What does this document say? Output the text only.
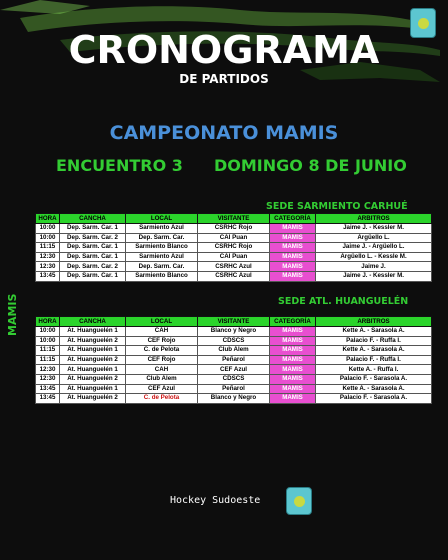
CRONOGRAMA
DE PARTIDOS
CAMPEONATO MAMIS
ENCUENTRO 3 DOMINGO 8 DE JUNIO
MAMIS
SEDE SARMIENTO CARHUÉ
HORA	CANCHA	LOCAL	VISITANTE	CATEGORÍA	ARBITROS
10:00	Dep. Sarm. Car. 1	Sarmiento Azul	CSRHC Rojo	MAMIS	Jaime J. - Kessler M.
10:00	Dep. Sarm. Car. 2	Dep. Sarm. Car.	CAI Puan	MAMIS	Argüello L.
11:15	Dep. Sarm. Car. 1	Sarmiento Blanco	CSRHC Rojo	MAMIS	Jaime J. - Argüello L.
12:30	Dep. Sarm. Car. 1	Sarmiento Azul	CAI Puan	MAMIS	Argüello L. - Kessle M.
12:30	Dep. Sarm. Car. 2	Dep. Sarm. Car.	CSRHC Azul	MAMIS	Jaime J.
13:45	Dep. Sarm. Car. 1	Sarmiento Blanco	CSRHC Azul	MAMIS	Jaime J. - Kessler M.
SEDE ATL. HUANGUELÉN
HORA	CANCHA	LOCAL	VISITANTE	CATEGORÍA	ARBITROS
10:00	At. Huanguelén 1	CAH	Blanco y Negro	MAMIS	Kette A. - Sarasola A.
10:00	At. Huanguelén 2	CEF Rojo	CDSCS	MAMIS	Palacio F. - Ruffa I.
11:15	At. Huanguelén 1	C. de Pelota	Club Alem	MAMIS	Kette A. - Sarasola A.
11:15	At. Huanguelén 2	CEF Rojo	Peñarol	MAMIS	Palacio F. - Ruffa I.
12:30	At. Huanguelén 1	CAH	CEF Azul	MAMIS	Kette A. - Ruffa I.
12:30	At. Huanguelén 2	Club Alem	CDSCS	MAMIS	Palacio F. - Sarasola A.
13:45	At. Huanguelén 1	CEF Azul	Peñarol	MAMIS	Kette A. - Sarasola A.
13:45	At. Huanguelén 2	C. de Pelota	Blanco y Negro	MAMIS	Palacio F. - Sarasola A.
Hockey Sudoeste
